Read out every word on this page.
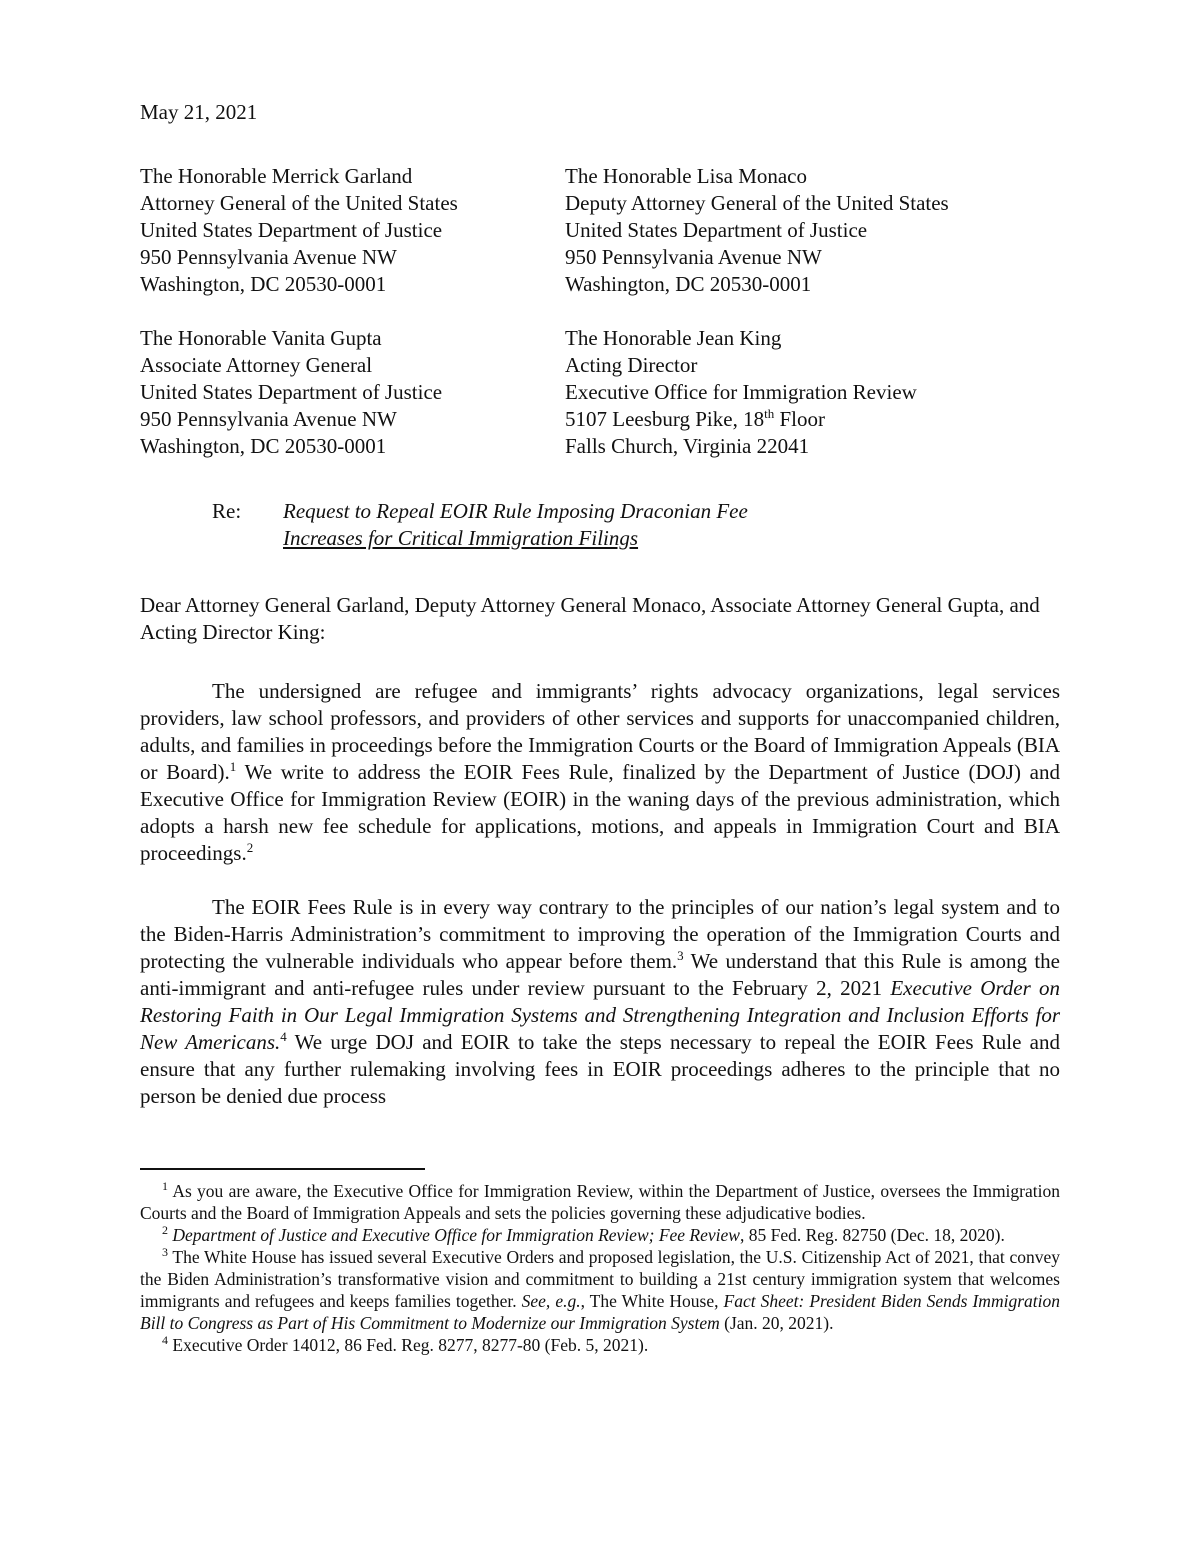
May 21, 2021
The Honorable Merrick Garland
Attorney General of the United States
United States Department of Justice
950 Pennsylvania Avenue NW
Washington, DC 20530-0001
The Honorable Lisa Monaco
Deputy Attorney General of the United States
United States Department of Justice
950 Pennsylvania Avenue NW
Washington, DC 20530-0001
The Honorable Vanita Gupta
Associate Attorney General
United States Department of Justice
950 Pennsylvania Avenue NW
Washington, DC 20530-0001
The Honorable Jean King
Acting Director
Executive Office for Immigration Review
5107 Leesburg Pike, 18th Floor
Falls Church, Virginia 22041
Re: Request to Repeal EOIR Rule Imposing Draconian Fee
Increases for Critical Immigration Filings
Dear Attorney General Garland, Deputy Attorney General Monaco, Associate Attorney General Gupta, and Acting Director King:
The undersigned are refugee and immigrants’ rights advocacy organizations, legal services providers, law school professors, and providers of other services and supports for unaccompanied children, adults, and families in proceedings before the Immigration Courts or the Board of Immigration Appeals (BIA or Board).$^1$ We write to address the EOIR Fees Rule, finalized by the Department of Justice (DOJ) and Executive Office for Immigration Review (EOIR) in the waning days of the previous administration, which adopts a harsh new fee schedule for applications, motions, and appeals in Immigration Court and BIA proceedings.$^2$
The EOIR Fees Rule is in every way contrary to the principles of our nation’s legal system and to the Biden-Harris Administration’s commitment to improving the operation of the Immigration Courts and protecting the vulnerable individuals who appear before them.$^3$ We understand that this Rule is among the anti-immigrant and anti-refugee rules under review pursuant to the February 2, 2021 Executive Order on Restoring Faith in Our Legal Immigration Systems and Strengthening Integration and Inclusion Efforts for New Americans.$^4$ We urge DOJ and EOIR to take the steps necessary to repeal the EOIR Fees Rule and ensure that any further rulemaking involving fees in EOIR proceedings adheres to the principle that no person be denied due process
$^1$ As you are aware, the Executive Office for Immigration Review, within the Department of Justice, oversees the Immigration Courts and the Board of Immigration Appeals and sets the policies governing these adjudicative bodies.
$^2$ Department of Justice and Executive Office for Immigration Review; Fee Review, 85 Fed. Reg. 82750 (Dec. 18, 2020).
$^3$ The White House has issued several Executive Orders and proposed legislation, the U.S. Citizenship Act of 2021, that convey the Biden Administration’s transformative vision and commitment to building a 21st century immigration system that welcomes immigrants and refugees and keeps families together. See, e.g., The White House, Fact Sheet: President Biden Sends Immigration Bill to Congress as Part of His Commitment to Modernize our Immigration System (Jan. 20, 2021).
$^4$ Executive Order 14012, 86 Fed. Reg. 8277, 8277-80 (Feb. 5, 2021).
